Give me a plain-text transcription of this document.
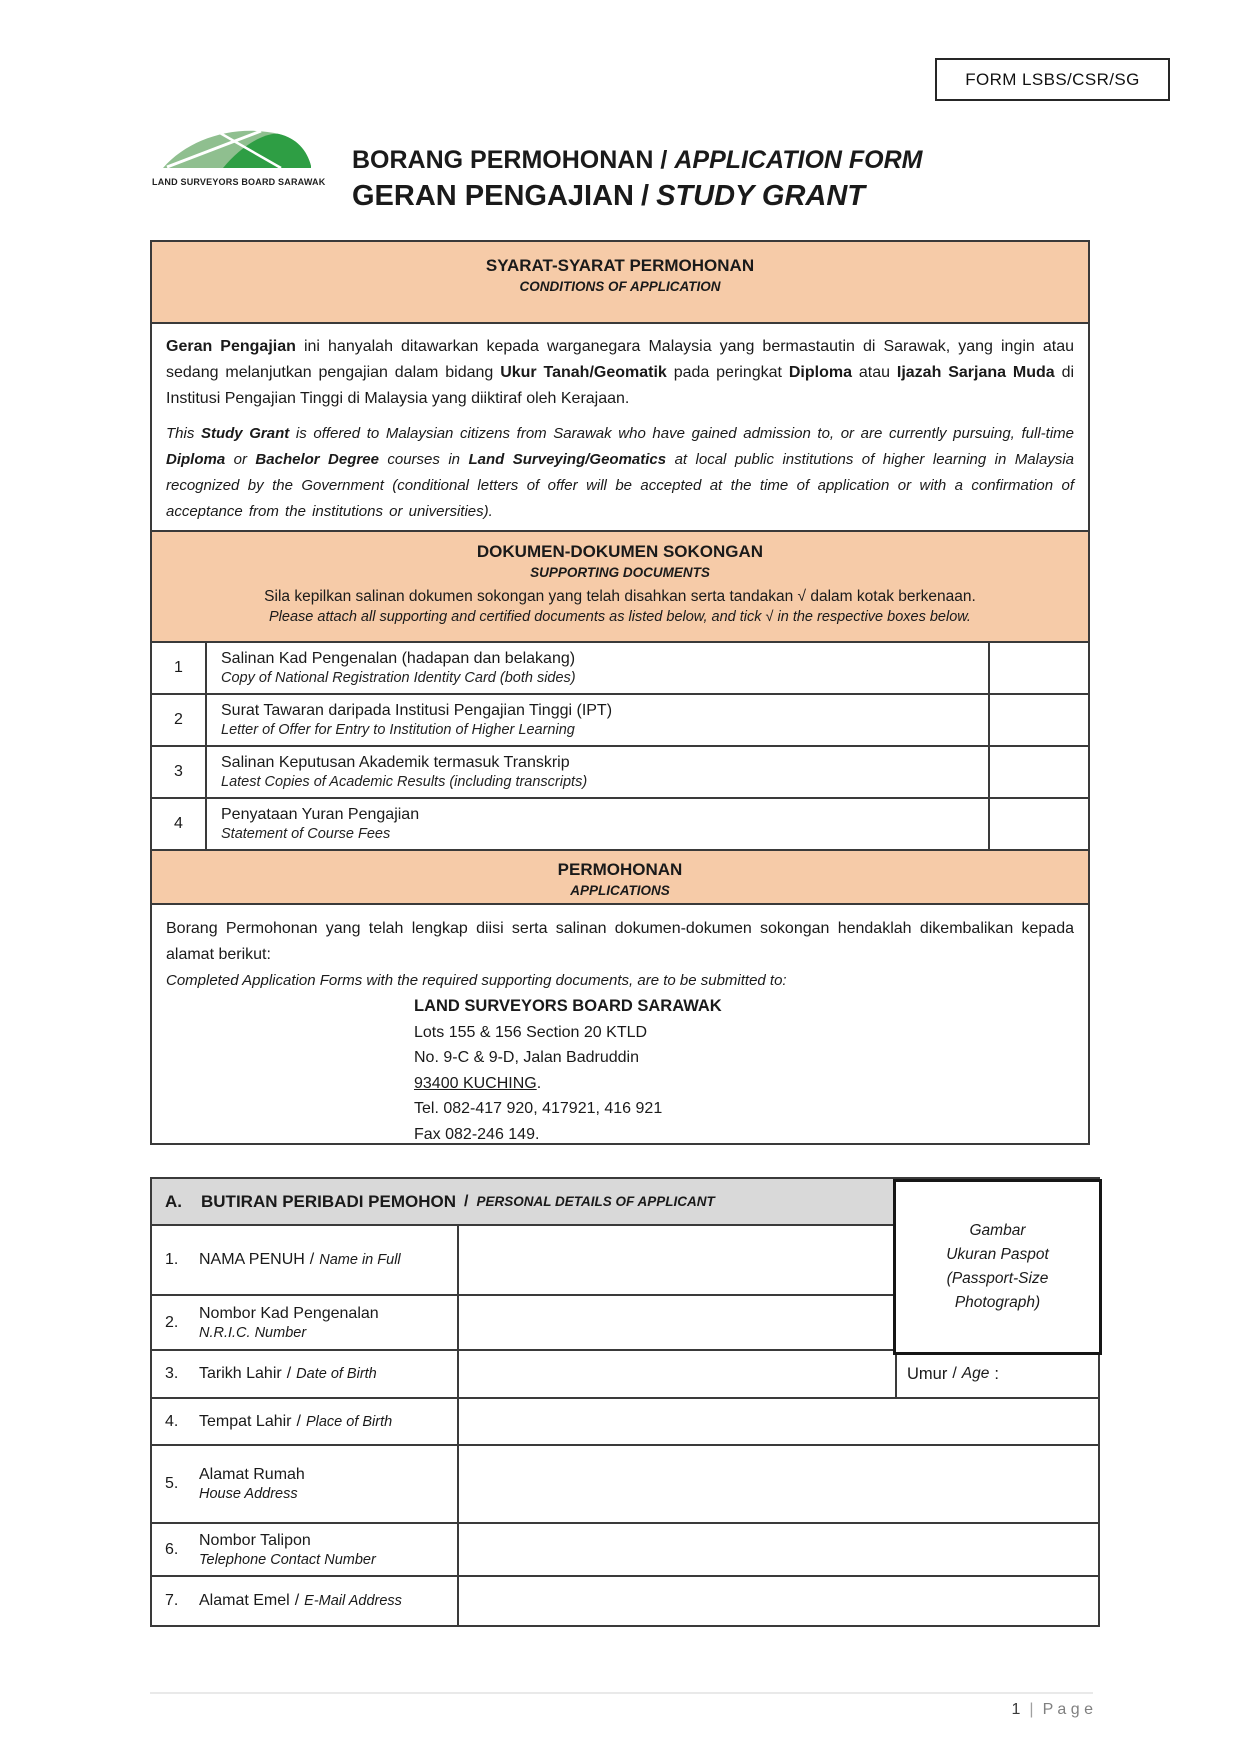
FORM LSBS/CSR/SG
LAND SURVEYORS BOARD SARAWAK
BORANG PERMOHONAN / APPLICATION FORM
GERAN PENGAJIAN / STUDY GRANT
SYARAT-SYARAT PERMOHONAN
CONDITIONS OF APPLICATION
Geran Pengajian ini hanyalah ditawarkan kepada warganegara Malaysia yang bermastautin di Sarawak, yang ingin atau sedang melanjutkan pengajian dalam bidang Ukur Tanah/Geomatik pada peringkat Diploma atau Ijazah Sarjana Muda di Institusi Pengajian Tinggi di Malaysia yang diiktiraf oleh Kerajaan.
This Study Grant is offered to Malaysian citizens from Sarawak who have gained admission to, or are currently pursuing, full-time Diploma or Bachelor Degree courses in Land Surveying/Geomatics at local public institutions of higher learning in Malaysia recognized by the Government (conditional letters of offer will be accepted at the time of application or with a confirmation of acceptance from the institutions or universities).
DOKUMEN-DOKUMEN SOKONGAN
SUPPORTING DOCUMENTS
Sila kepilkan salinan dokumen sokongan yang telah disahkan serta tandakan √ dalam kotak berkenaan.
Please attach all supporting and certified documents as listed below, and tick √ in the respective boxes below.
1
Salinan Kad Pengenalan (hadapan dan belakang)
Copy of National Registration Identity Card (both sides)
2
Surat Tawaran daripada Institusi Pengajian Tinggi (IPT)
Letter of Offer for Entry to Institution of Higher Learning
3
Salinan Keputusan Akademik termasuk Transkrip
Latest Copies of Academic Results (including transcripts)
4
Penyataan Yuran Pengajian
Statement of Course Fees
PERMOHONAN
APPLICATIONS
Borang Permohonan yang telah lengkap diisi serta salinan dokumen-dokumen sokongan hendaklah dikembalikan kepada alamat berikut:
Completed Application Forms with the required supporting documents, are to be submitted to:
LAND SURVEYORS BOARD SARAWAK
Lots 155 & 156 Section 20 KTLD
No. 9-C & 9-D, Jalan Badruddin
93400 KUCHING.
Tel. 082-417 920, 417921, 416 921
Fax 082-246 149.
A.	BUTIRAN PERIBADI PEMOHON / PERSONAL DETAILS OF APPLICANT
1.	NAMA PENUH / Name in Full
2.
Nombor Kad Pengenalan
N.R.I.C. Number
3.	Tarikh Lahir / Date of Birth	Umur / Age :
4.	Tempat Lahir / Place of Birth
5.
Alamat Rumah
House Address
6.
Nombor Talipon
Telephone Contact Number
7.	Alamat Emel / E-Mail Address
Gambar
Ukuran Paspot
(Passport-Size
Photograph)
1 | P a g e
